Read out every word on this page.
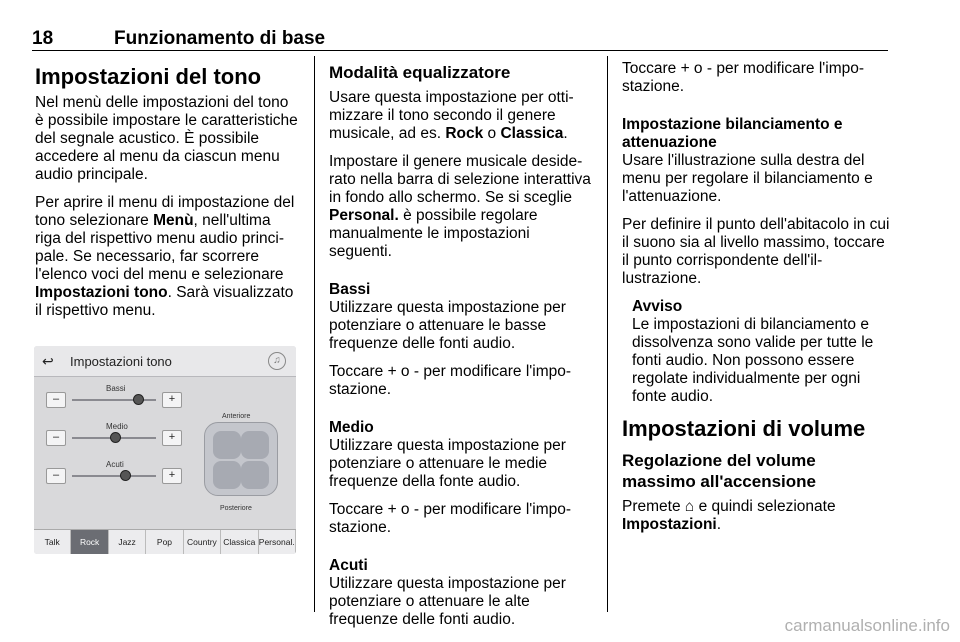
18	Funzionamento di base
Impostazioni del tono

Nel menù delle impostazioni del tono è possibile impostare le caratteristiche del segnale acustico. È possibile accedere al menu da ciascun menu audio principale.

Per aprire il menu di impostazione del tono selezionare Menù, nell'ultima riga del rispettivo menu audio principale. Se necessario, far scorrere l'elenco voci del menu e selezionare Impostazioni tono. Sarà visualizzato il rispettivo menu.

↩ Impostazioni tono	♫
Bassi
–	+
Medio
–	+
Acuti
–	+
Anteriore
Posteriore
Talk	Rock	Jazz	Pop	Country Classica Personal.
Modalità equalizzatore

Usare questa impostazione per ottimizzare il tono secondo il genere musicale, ad es. Rock o Classica.

Impostare il genere musicale desiderato nella barra di selezione interattiva in fondo allo schermo. Se si sceglie Personal. è possibile regolare manualmente le impostazioni seguenti.

Bassi

Utilizzare questa impostazione per potenziare o attenuare le basse frequenze delle fonti audio.

Toccare + o - per modificare l'impostazione.

Medio

Utilizzare questa impostazione per potenziare o attenuare le medie frequenze della fonte audio.

Toccare + o - per modificare l'impostazione.

Acuti

Utilizzare questa impostazione per potenziare o attenuare le alte frequenze delle fonti audio.

Toccare + o - per modificare l'impostazione.

Impostazione bilanciamento e attenuazione

Usare l'illustrazione sulla destra del menu per regolare il bilanciamento e l'attenuazione.

Per definire il punto dell'abitacolo in cui il suono sia al livello massimo, toccare il punto corrispondente dell'illustrazione.

Avviso

Le impostazioni di bilanciamento e dissolvenza sono valide per tutte le fonti audio. Non possono essere regolate individualmente per ogni fonte audio.

Impostazioni di volume
Regolazione del volume massimo all'accensione

Premete ⌂ e quindi selezionate Impostazioni.

carmanualsonline.info
